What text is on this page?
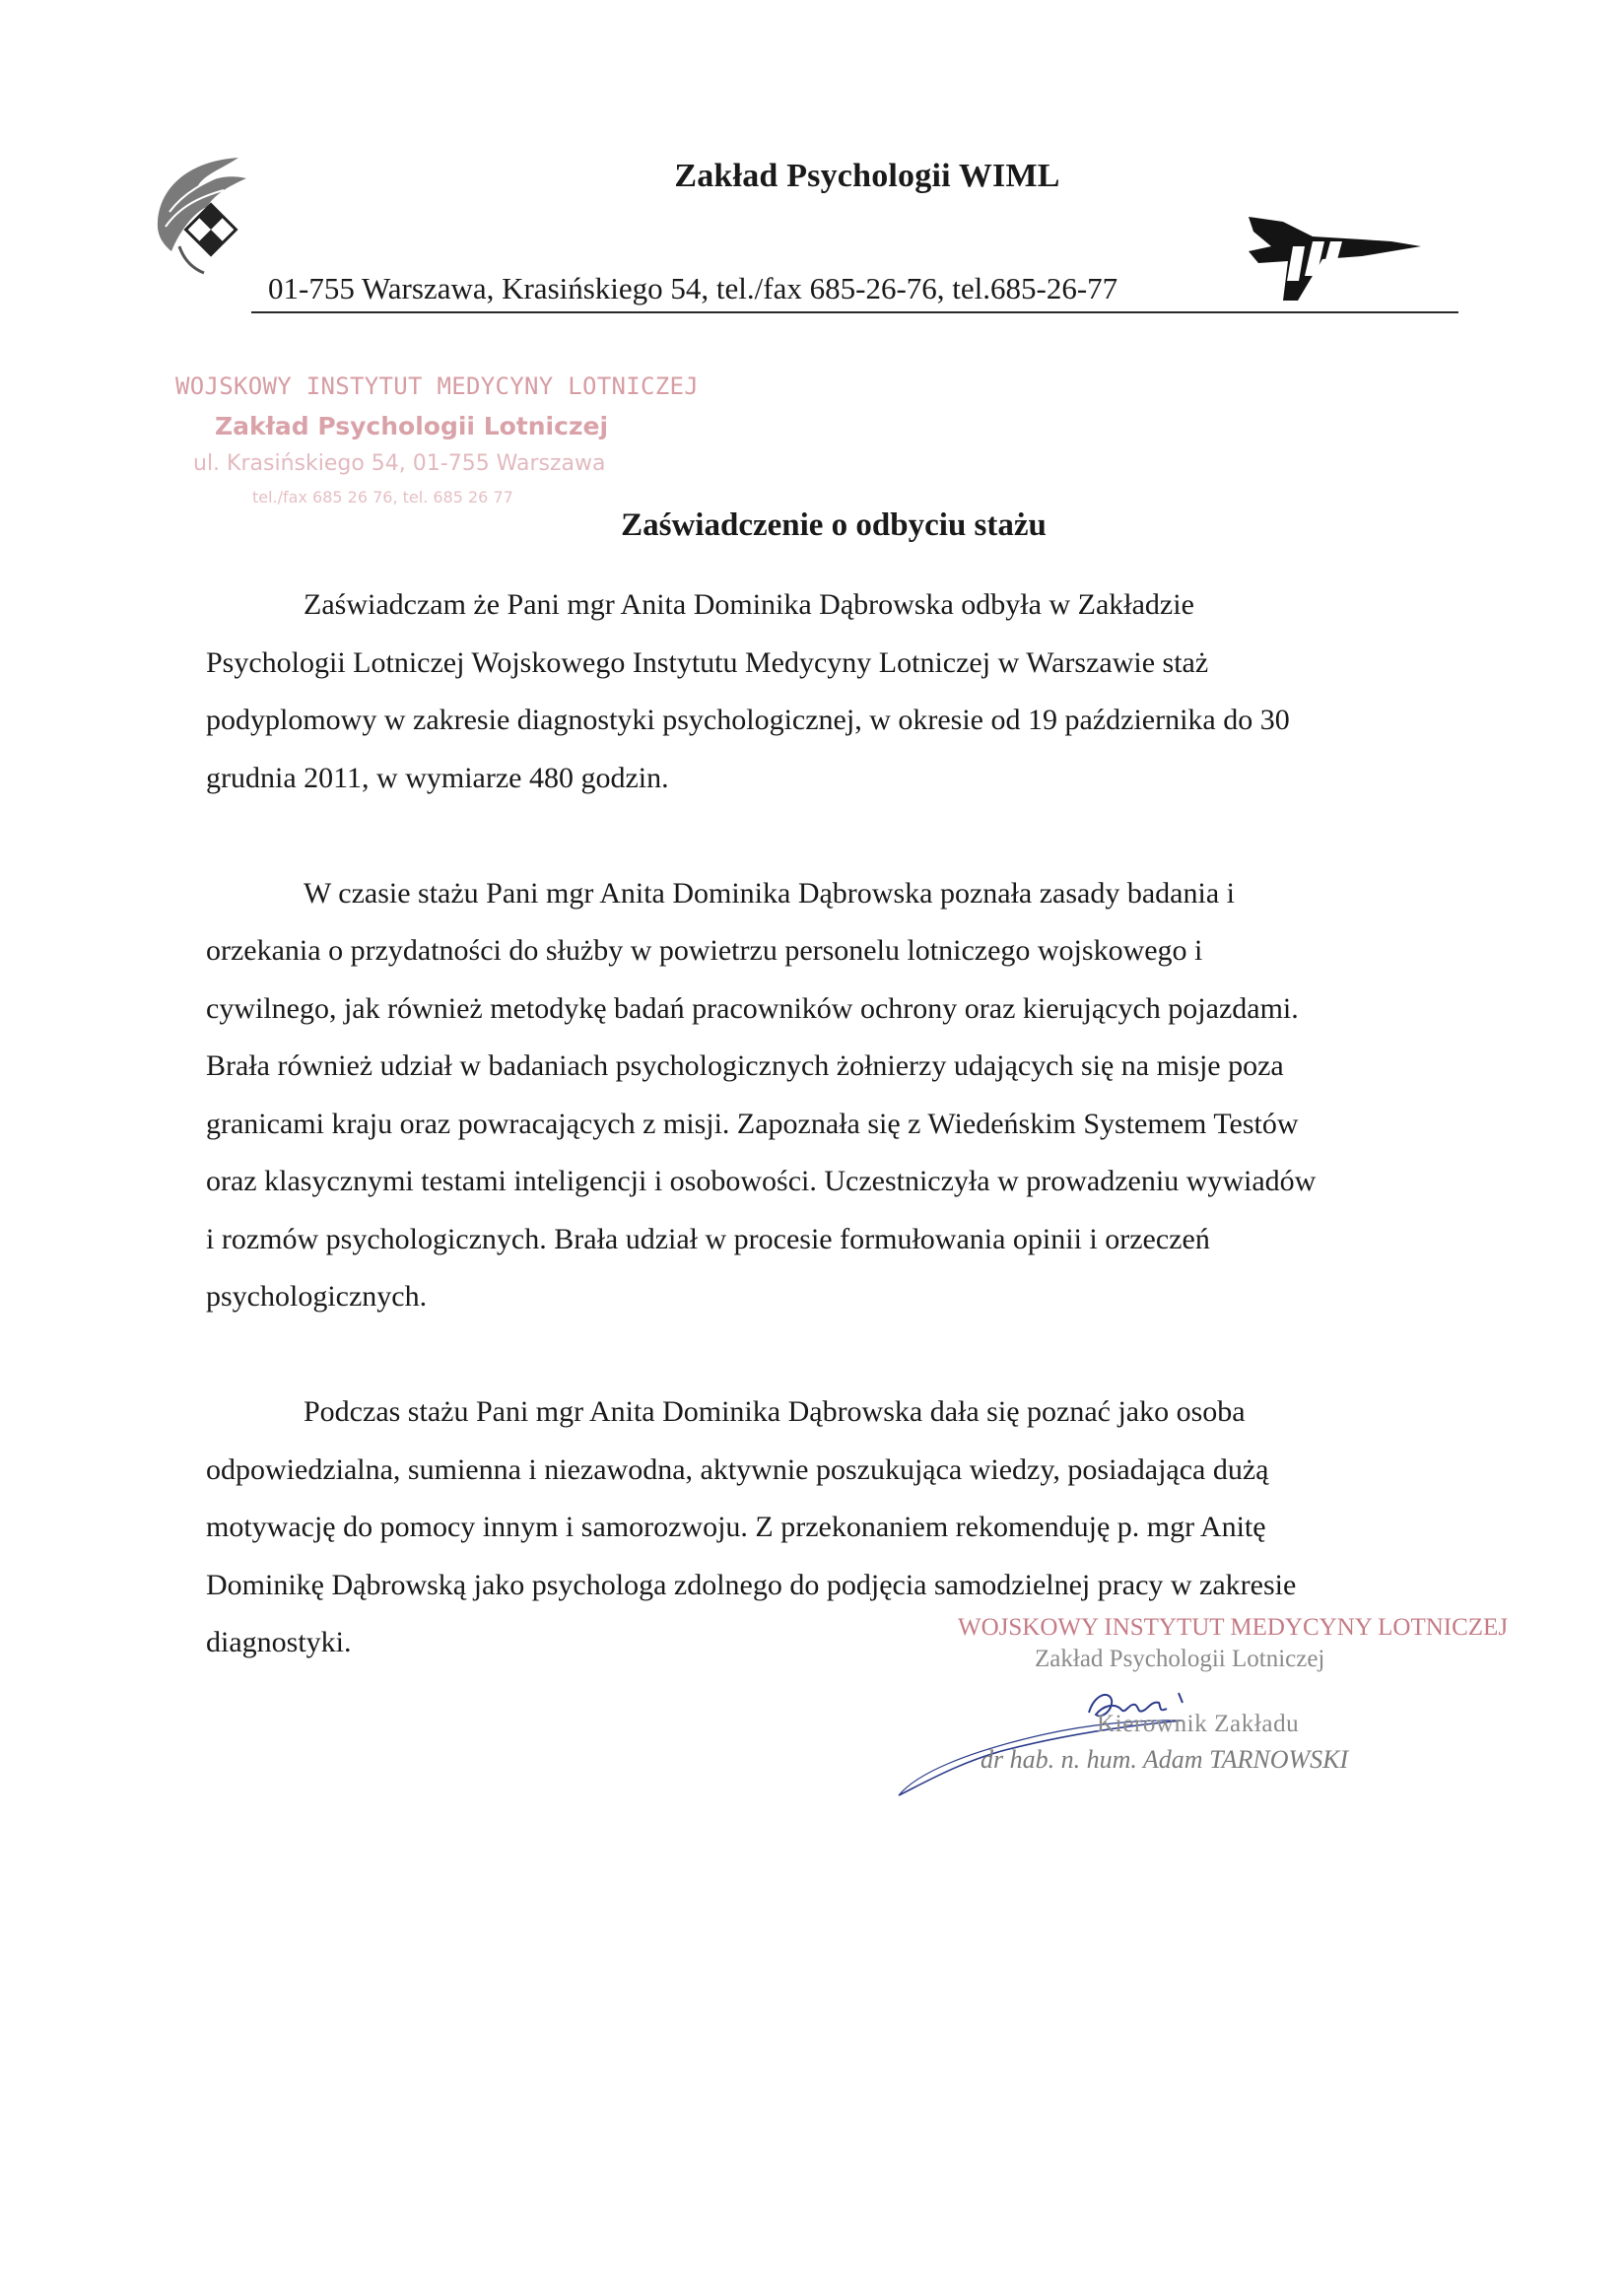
Zakład Psychologii WIML
01-755 Warszawa, Krasińskiego 54, tel./fax 685-26-76, tel.685-26-77
WOJSKOWY INSTYTUT MEDYCYNY LOTNICZEJ
Zakład Psychologii Lotniczej
ul. Krasińskiego 54, 01-755 Warszawa
tel./fax 685 26 76, tel. 685 26 77
Zaświadczenie o odbyciu stażu

Zaświadczam że Pani mgr Anita Dominika Dąbrowska odbyła w Zakładzie
Psychologii Lotniczej Wojskowego Instytutu Medycyny Lotniczej w Warszawie staż
podyplomowy w zakresie diagnostyki psychologicznej, w okresie od 19 października do 30
grudnia 2011, w wymiarze 480 godzin.

W czasie stażu Pani mgr Anita Dominika Dąbrowska poznała zasady badania i
orzekania o przydatności do służby w powietrzu personelu lotniczego wojskowego i
cywilnego, jak również metodykę badań pracowników ochrony oraz kierujących pojazdami.
Brała również udział w badaniach psychologicznych żołnierzy udających się na misje poza
granicami kraju oraz powracających z misji. Zapoznała się z Wiedeńskim Systemem Testów
oraz klasycznymi testami inteligencji i osobowości. Uczestniczyła w prowadzeniu wywiadów
i rozmów psychologicznych. Brała udział w procesie formułowania opinii i orzeczeń
psychologicznych.

Podczas stażu Pani mgr Anita Dominika Dąbrowska dała się poznać jako osoba
odpowiedzialna, sumienna i niezawodna, aktywnie poszukująca wiedzy, posiadająca dużą
motywację do pomocy innym i samorozwoju. Z przekonaniem rekomenduję p. mgr Anitę
Dominikę Dąbrowską jako psychologa zdolnego do podjęcia samodzielnej pracy w zakresie
diagnostyki.	WOJSKOWY INSTYTUT MEDYCYNY LOTNICZEJ
Zakład Psychologii Lotniczej
Kierownik Zakładu
dr hab. n. hum. Adam TARNOWSKI
